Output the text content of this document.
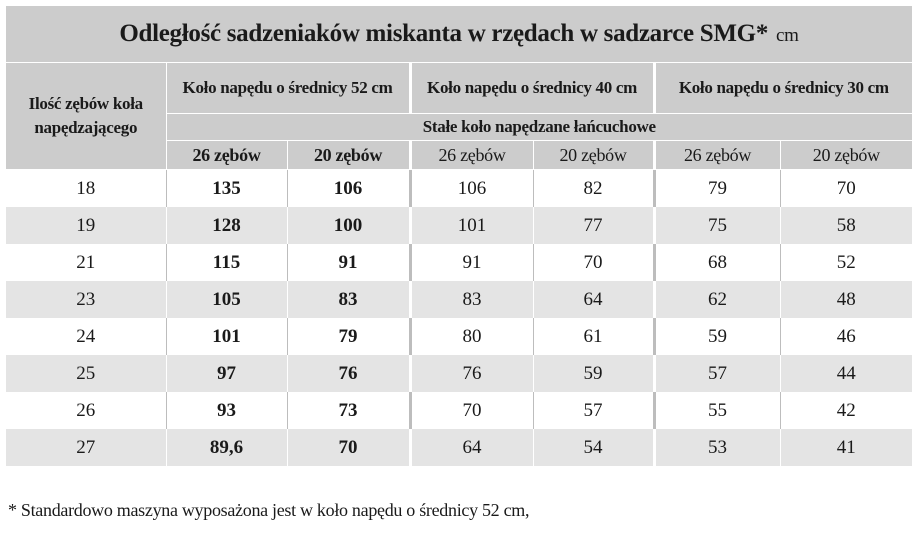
Odległość sadzeniaków miskanta w rzędach w sadzarce SMG* cm
Ilość zębów koła napędzającego	Koło napędu o średnicy 52 cm		Koło napędu o średnicy 40 cm		Koło napędu o średnicy 30 cm	
	Stałe koło napędzane łańcuchowe					
	26 zębów	20 zębów	26 zębów	20 zębów	26 zębów	20 zębów
18	135	106	106	82	79	70
19	128	100	101	77	75	58
21	115	91	91	70	68	52
23	105	83	83	64	62	48
24	101	79	80	61	59	46
25	97	76	76	59	57	44
26	93	73	70	57	55	42
27	89,6	70	64	54	53	41
* Standardowo maszyna wyposażona jest w koło napędu o średnicy 52 cm,
